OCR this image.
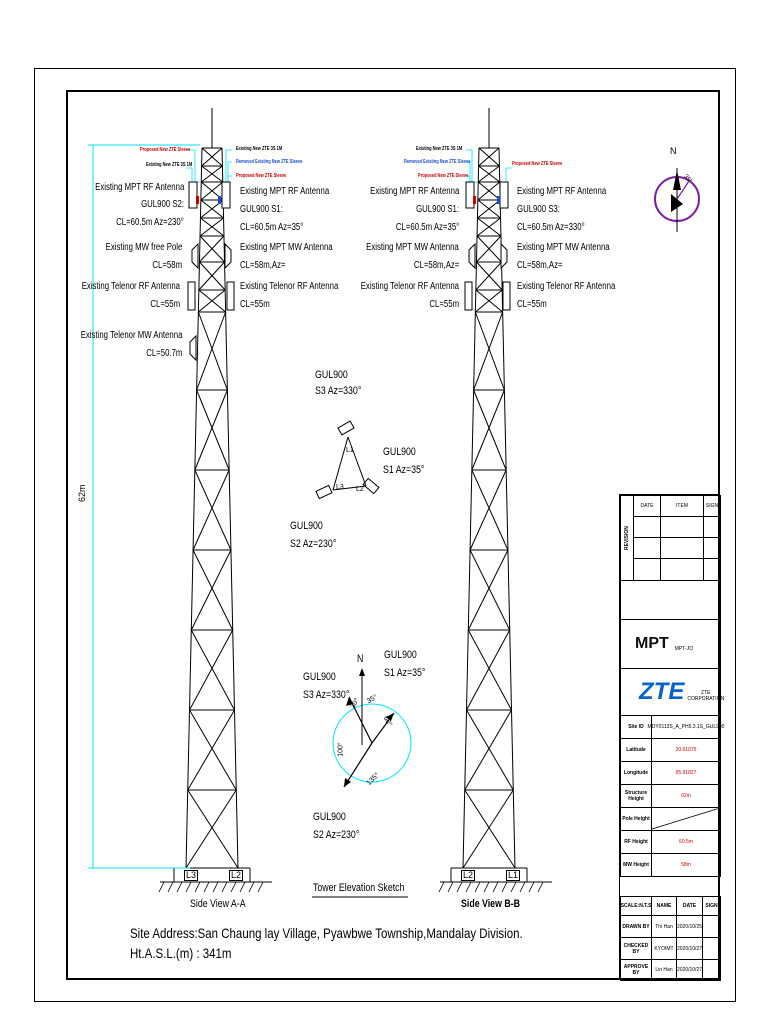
Proposed New ZTE Sleeve
Existing New ZTE 3S 1M
Existing New ZTE 3S 1M
Removed Existing New ZTE Sleeve
Proposed New ZTE Sleeve
Existing New ZTE 3S 1M
Removed Existing New ZTE Sleeve
Proposed New ZTE Sleeve
Proposed New ZTE Sleeve
Existing MPT RF Antenna
GUL900 S2:
CL=60.5m Az=230°
Existing MW free Pole
CL=58m
Existing Telenor RF Antenna
CL=55m
Existing Telenor MW Antenna
CL=50.7m
Existing MPT RF Antenna
GUL900 S1:
CL=60.5m Az=35°
Existing MPT MW Antenna
CL=58m,Az=
Existing Telenor RF Antenna
CL=55m
Existing MPT RF Antenna
GUL900 S1:
CL=60.5m Az=35°
Existing MPT MW Antenna
CL=58m,Az=
Existing Telenor RF Antenna
CL=55m
Existing MPT RF Antenna
GUL900 S3:
CL=60.5m Az=330°
Existing MPT MW Antenna
CL=58m,Az=
Existing Telenor RF Antenna
CL=55m
62m
L3	L2
Side View A-A
L2	L1
Side View B-B
GUL900
S3 Az=330°
GUL900
S1 Az=35°
GUL900
S2 Az=230°
L1
L2
L3
N GUL900
S1 Az=35°
GUL900
S3 Az=330°
GUL900
S2 Az=230°
30° 35°
60°
100°
135°
Tower Elevation Sketch
N
35°
Site Address:San Chaung lay Village, Pyawbwe Township,Mandalay Division.
Ht.A.S.L.(m) : 341m
REVISION
DATE	ITEM	SIGN
MPT MPT-JO
ZTE	ZTE CORPORATION
Site ID MDY0113S_A_PH5.3.1S_GUL900
Latitude	20.61075
Longitude	95.91827
Structure Height	62m
Pole Height
RF Height	60.5m
MW Height	58m
SCALE:N.T.S	NAME	DATE	SIGN
DRAWN BY	Thi Han 2020/10/25
CHECKED BY	KYOIMT 2020/10/27
APPROVE BY	Lin Han 2020/10/27
